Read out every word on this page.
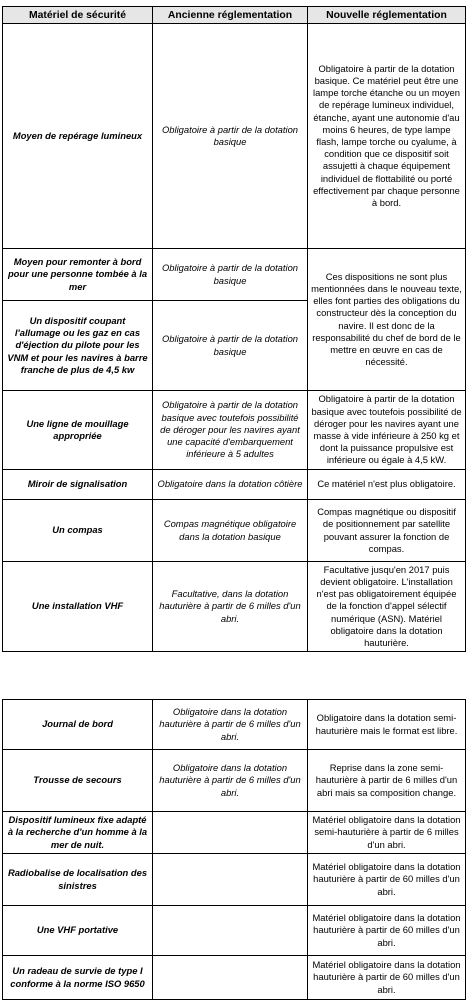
Matériel de sécurité	Ancienne réglementation	Nouvelle réglementation
Moyen de repérage lumineux	Obligatoire à partir de la dotation basique	Obligatoire à partir de la dotation basique. Ce matériel peut être une lampe torche étanche ou un moyen de repérage lumineux individuel, étanche, ayant une autonomie d'au moins 6 heures, de type lampe flash, lampe torche ou cyalume, à condition que ce dispositif soit assujetti à chaque équipement individuel de flottabilité ou porté effectivement par chaque personne à bord.
Moyen pour remonter à bord pour une personne tombée à la mer	Obligatoire à partir de la dotation basique	Ces dispositions ne sont plus mentionnées dans le nouveau texte, elles font parties des obligations du constructeur dès la conception du navire. Il est donc de la responsabilité du chef de bord de le mettre en œuvre en cas de nécessité.
Un dispositif coupant l'allumage ou les gaz en cas d'éjection du pilote pour les VNM et pour les navires à barre franche de plus de 4,5 kw	Obligatoire à partir de la dotation basique	
Une ligne de mouillage appropriée	Obligatoire à partir de la dotation basique avec toutefois possibilité de déroger pour les navires ayant une capacité d'embarquement inférieure à 5 adultes	Obligatoire à partir de la dotation basique avec toutefois possibilité de déroger pour les navires ayant une masse à vide inférieure à 250 kg et dont la puissance propulsive est inférieure ou égale à 4,5 kW.
Miroir de signalisation	Obligatoire dans la dotation côtière	Ce matériel n'est plus obligatoire.
Un compas	Compas magnétique obligatoire dans la dotation basique	Compas magnétique ou dispositif de positionnement par satellite pouvant assurer la fonction de compas.
Une installation VHF	Facultative, dans la dotation hauturière à partir de 6 milles d'un abri.	Facultative jusqu'en 2017 puis devient obligatoire. L'installation n'est pas obligatoirement équipée de la fonction d'appel sélectif numérique (ASN). Matériel obligatoire dans la dotation hauturière.
Journal de bord	Obligatoire dans la dotation hauturière à partir de 6 milles d'un abri.	Obligatoire dans la dotation semi-hauturière mais le format est libre.
Trousse de secours	Obligatoire dans la dotation hauturière à partir de 6 milles d'un abri.	Reprise dans la zone semi-hauturière à partir de 6 milles d'un abri mais sa composition change.
Dispositif lumineux fixe adapté à la recherche d'un homme à la mer de nuit.		Matériel obligatoire dans la dotation semi-hauturière à partir de 6 milles d'un abri.
Radiobalise de localisation des sinistres		Matériel obligatoire dans la dotation hauturière à partir de 60 milles d'un abri.
Une VHF portative		Matériel obligatoire dans la dotation hauturière à partir de 60 milles d'un abri.
Un radeau de survie de type I conforme à la norme ISO 9650		Matériel obligatoire dans la dotation hauturière à partir de 60 milles d'un abri.
